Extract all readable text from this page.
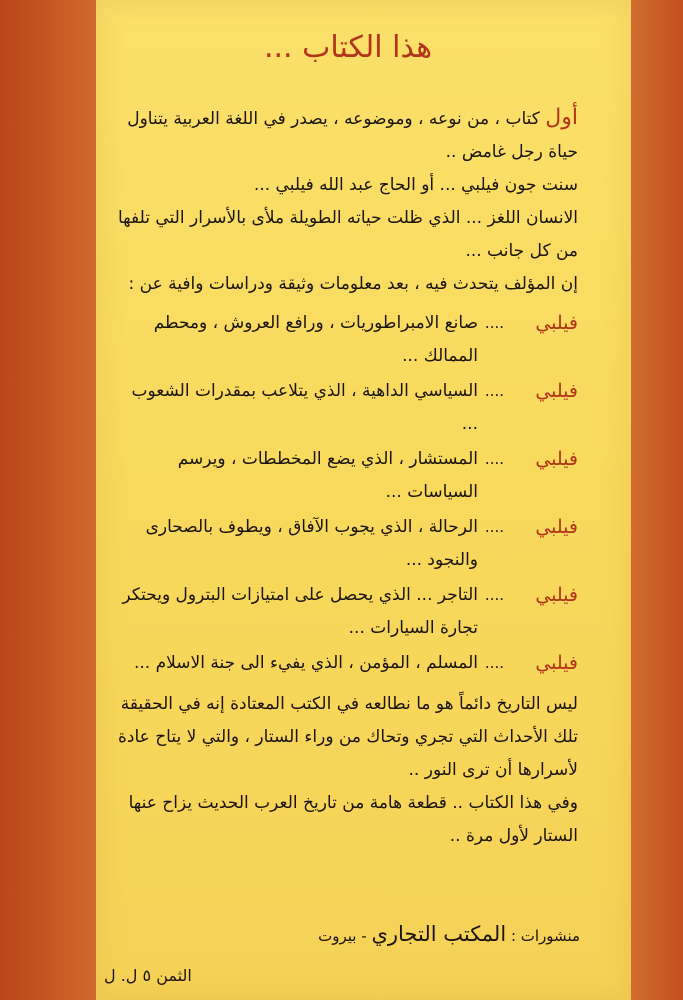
هذا الكتاب ...

أول كتاب ، من نوعه ، وموضوعه ، يصدر في اللغة العربية يتناول حياة رجل غامض ..

سنت جون فيلبي ... أو الحاج عبد الله فيلبي ...

الانسان اللغز ... الذي ظلت حياته الطويلة ملأى بالأسرار التي تلفها من كل جانب ...

إن المؤلف يتحدث فيه ، بعد معلومات وثيقة ودراسات وافية عن :

فيلبي
....
صانع الامبراطوريات ، ورافع العروش ، ومحطم الممالك ...
فيلبي
....
السياسي الداهية ، الذي يتلاعب بمقدرات الشعوب ...
فيلبي
....
المستشار ، الذي يضع المخططات ، ويرسم السياسات ...
فيلبي
....
الرحالة ، الذي يجوب الآفاق ، ويطوف بالصحارى والنجود ...
فيلبي
....
التاجر ... الذي يحصل على امتيازات البترول ويحتكر تجارة السيارات ...
فيلبي
....
المسلم ، المؤمن ، الذي يفيء الى جنة الاسلام ...

ليس التاريخ دائماً هو ما نطالعه في الكتب المعتادة إنه في الحقيقة تلك الأحداث التي تجري وتحاك من وراء الستار ، والتي لا يتاح عادة لأسرارها أن ترى النور ..

وفي هذا الكتاب .. قطعة هامة من تاريخ العرب الحديث يزاح عنها الستار لأول مرة ..

منشورات : المكتب التجاري - بيروت
الثمن ٥ ل. ل
